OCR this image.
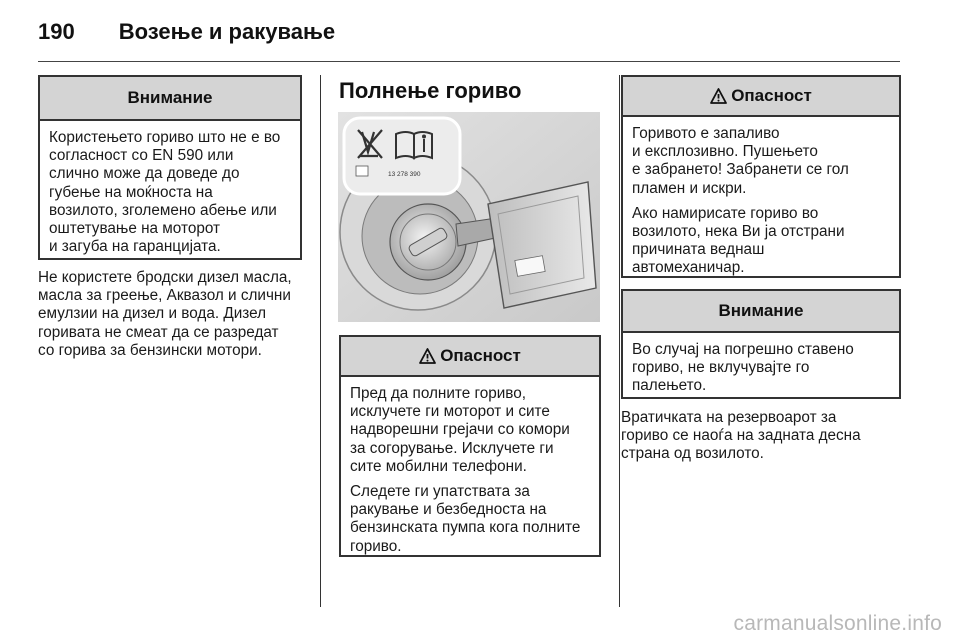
190 Возење и ракување
Внимание

Користењето гориво што не е во
согласност со EN 590 или
слично може да доведе до
губење на моќноста на
возилото, зголемено абење или
оштетување на моторот
и загуба на гаранцијата.

Не користете бродски дизел масла,
масла за греење, Аквазол и слични
емулзии на дизел и вода. Дизел
горивата не смеат да се разредат
со горива за бензински мотори.

Полнење гориво
13 278 390
Опасност

Пред да полните гориво,
исклучете ги моторот и сите
надворешни грејачи со комори
за согорување. Исклучете ги
сите мобилни телефони.

Следете ги упатствата за
ракување и безбедноста на
бензинската пумпа кога полните
гориво.

Опасност

Горивото е запаливо
и експлозивно. Пушењето
е забрането! Забранети се гол
пламен и искри.

Ако намирисате гориво во
возилото, нека Ви ја отстрани
причината веднаш
автомеханичар.

Внимание

Во случај на погрешно ставено
гориво, не вклучувајте го
палењето.

Вратичката на резервоарот за
гориво се наоѓа на задната десна
страна од возилото.

carmanualsonline.info
